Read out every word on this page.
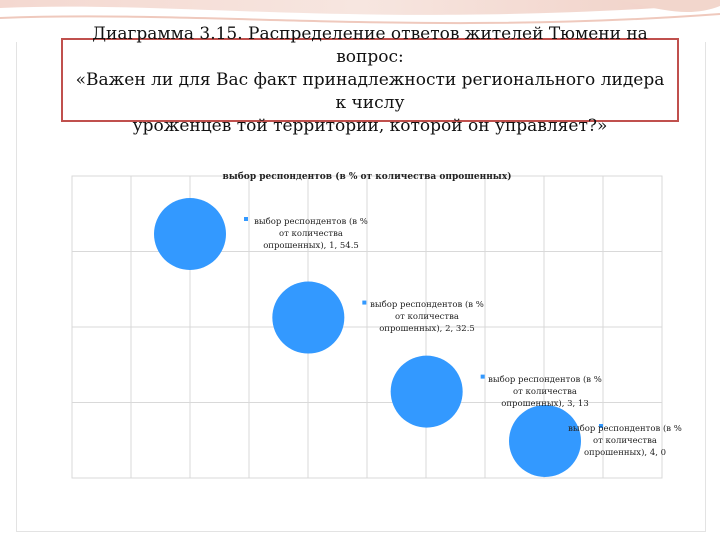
Диаграмма 3.15. Распределение ответов жителей Тюмени на вопрос:
«Важен ли для Вас факт принадлежности регионального лидера к числу
уроженцев той территории, которой он управляет?»
выбор респондентов (в % от количества опрошенных)
выбор респондентов (в % от количества опрошенных), 1, 54.5
выбор респондентов (в % от количества опрошенных), 2, 32.5
выбор респондентов (в % от количества опрошенных), 3, 13
выбор респондентов (в % от количества опрошенных), 4, 0
